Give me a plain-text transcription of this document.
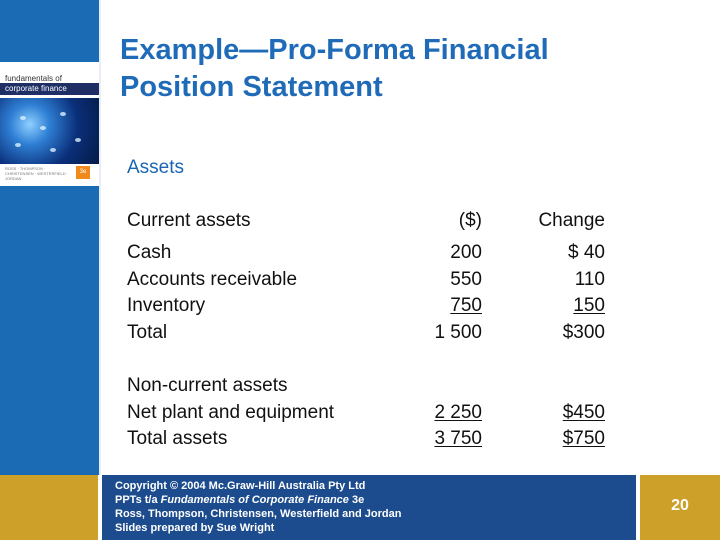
fundamentals of
corporate finance
ROSS · THOMPSON · CHRISTENSEN · WESTERFIELD · JORDAN
3e
Example—Pro-Forma Financial
Position Statement
Assets
Current assets	($)	Change
Cash
Accounts receivable
Inventory
Total
200
550
750
1 500
$ 40
110
150
$300
Non-current assets
Net plant and equipment
Total assets
2 250
3 750
$450
$750
Copyright © 2004 Mc.Graw-Hill Australia Pty Ltd
PPTs t/a Fundamentals of Corporate Finance 3e
Ross, Thompson, Christensen, Westerfield and Jordan
Slides prepared by Sue Wright
20
